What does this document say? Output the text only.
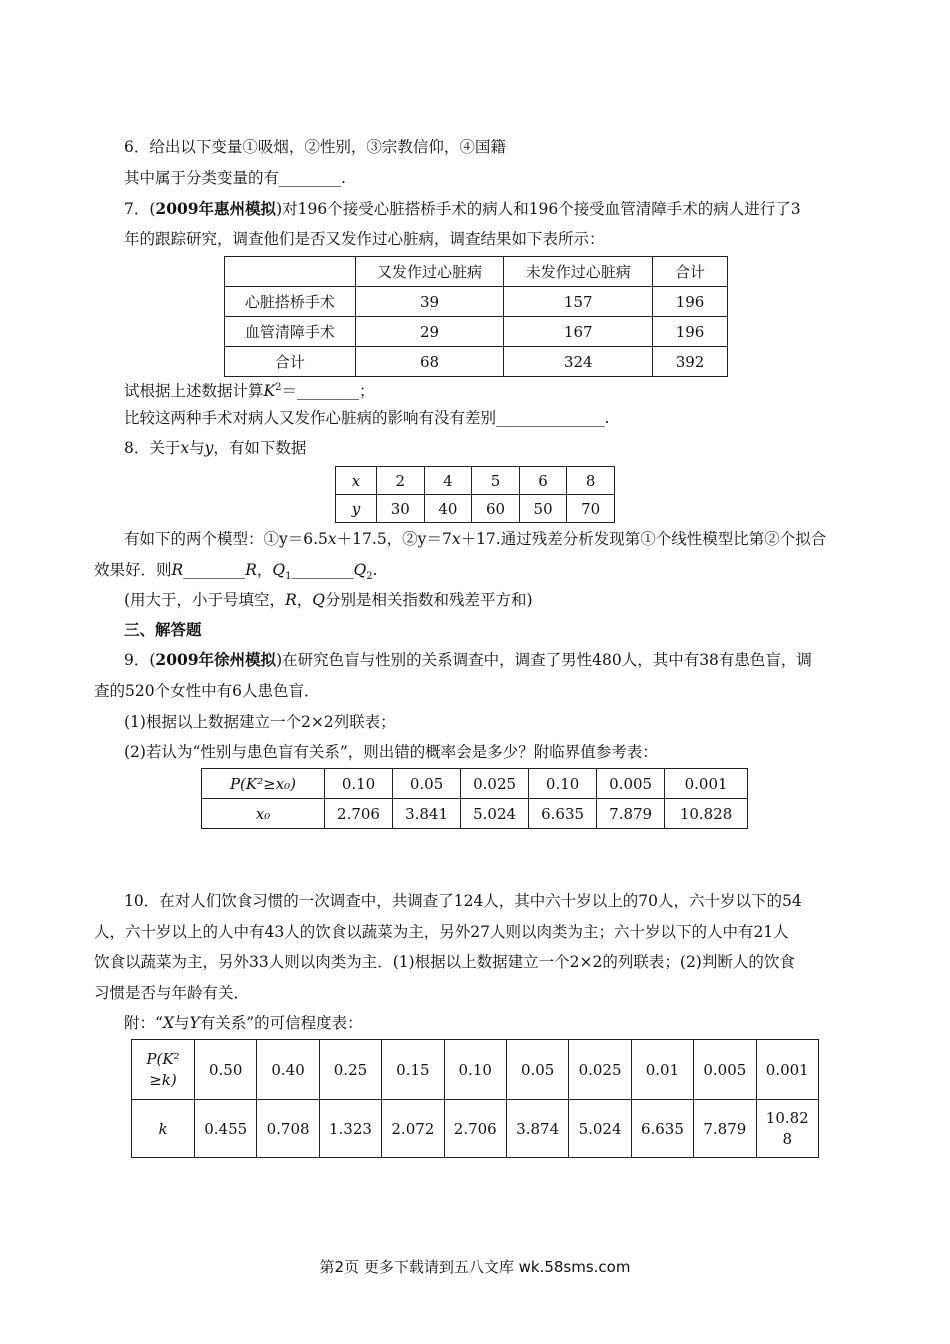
6．给出以下变量①吸烟，②性别，③宗教信仰，④国籍
其中属于分类变量的有________.
7．(2009年惠州模拟)对196个接受心脏搭桥手术的病人和196个接受血管清障手术的病人进行了3
年的跟踪研究，调查他们是否又发作过心脏病，调查结果如下表所示：
	又发作过心脏病	未发作过心脏病	合计
心脏搭桥手术	39	157	196
血管清障手术	29	167	196
合计	68	324	392
试根据上述数据计算$K^2=\_\_\_\_\_\_\_\_$；
比较这两种手术对病人又发作心脏病的影响有没有差别______________.
8．关于x与y，有如下数据
x	2	4	5	6	8
y	30	40	60	50	70
有如下的两个模型：①y＝6.5x＋17.5，②y＝7x＋17.通过残差分析发现第①个线性模型比第②个拟合
效果好．则R________R，$Q_1\_\_\_\_\_\_\_\_Q_2$.
(用大于，小于号填空，R，Q分别是相关指数和残差平方和)
三、解答题
9．(2009年徐州模拟)在研究色盲与性别的关系调查中，调查了男性480人，其中有38有患色盲，调
查的520个女性中有6人患色盲．
(1)根据以上数据建立一个2×2列联表；
(2)若认为“性别与患色盲有关系”，则出错的概率会是多少？附临界值参考表：
P(K²≥x₀)	0.10	0.05	0.025	0.10	0.005	0.001
x₀	2.706	3.841	5.024	6.635	7.879	10.828
10．在对人们饮食习惯的一次调查中，共调查了124人，其中六十岁以上的70人，六十岁以下的54
人，六十岁以上的人中有43人的饮食以蔬菜为主，另外27人则以肉类为主；六十岁以下的人中有21人
饮食以蔬菜为主，另外33人则以肉类为主．(1)根据以上数据建立一个2×2的列联表；(2)判断人的饮食
习惯是否与年龄有关．
附：“X与Y有关系”的可信程度表：
P(K²
≥k)	0.50	0.40	0.25	0.15	0.10	0.05	0.025	0.01	0.005	0.001
k	0.455	0.708	1.323	2.072	2.706	3.874	5.024	6.635	7.879	10.82
8
第2页 更多下载请到五八文库 wk.58sms.com
